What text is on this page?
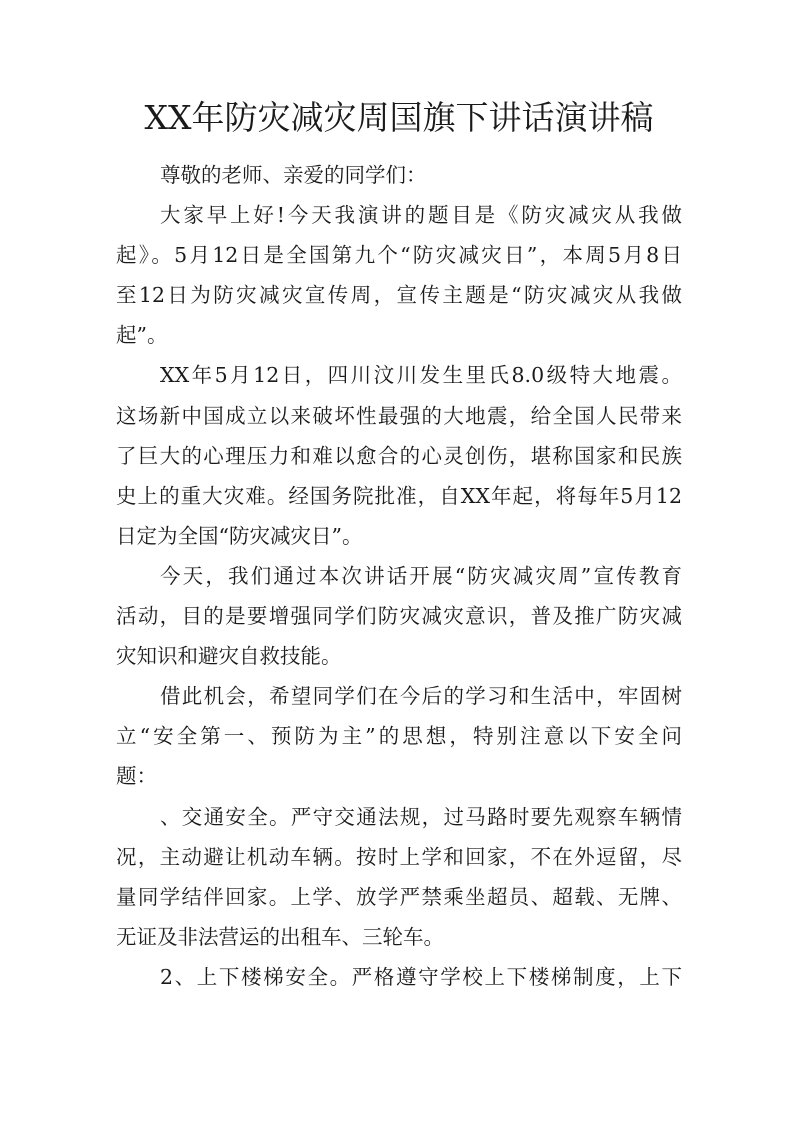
XX年防灾减灾周国旗下讲话演讲稿
尊敬的老师、亲爱的同学们：
大家早上好!今天我演讲的题目是《防灾减灾从我做
起》。5月12日是全国第九个“防灾减灾日”，本周5月8日
至12日为防灾减灾宣传周，宣传主题是“防灾减灾从我做
起”。
XX年5月12日，四川汶川发生里氏8.0级特大地震。
这场新中国成立以来破坏性最强的大地震，给全国人民带来
了巨大的心理压力和难以愈合的心灵创伤，堪称国家和民族
史上的重大灾难。经国务院批准，自XX年起，将每年5月12
日定为全国“防灾减灾日”。
今天，我们通过本次讲话开展“防灾减灾周”宣传教育
活动，目的是要增强同学们防灾减灾意识，普及推广防灾减
灾知识和避灾自救技能。
借此机会，希望同学们在今后的学习和生活中，牢固树
立“安全第一、预防为主”的思想，特别注意以下安全问
题：
、交通安全。严守交通法规，过马路时要先观察车辆情
况，主动避让机动车辆。按时上学和回家，不在外逗留，尽
量同学结伴回家。上学、放学严禁乘坐超员、超载、无牌、
无证及非法营运的出租车、三轮车。
2、上下楼梯安全。严格遵守学校上下楼梯制度，上下
